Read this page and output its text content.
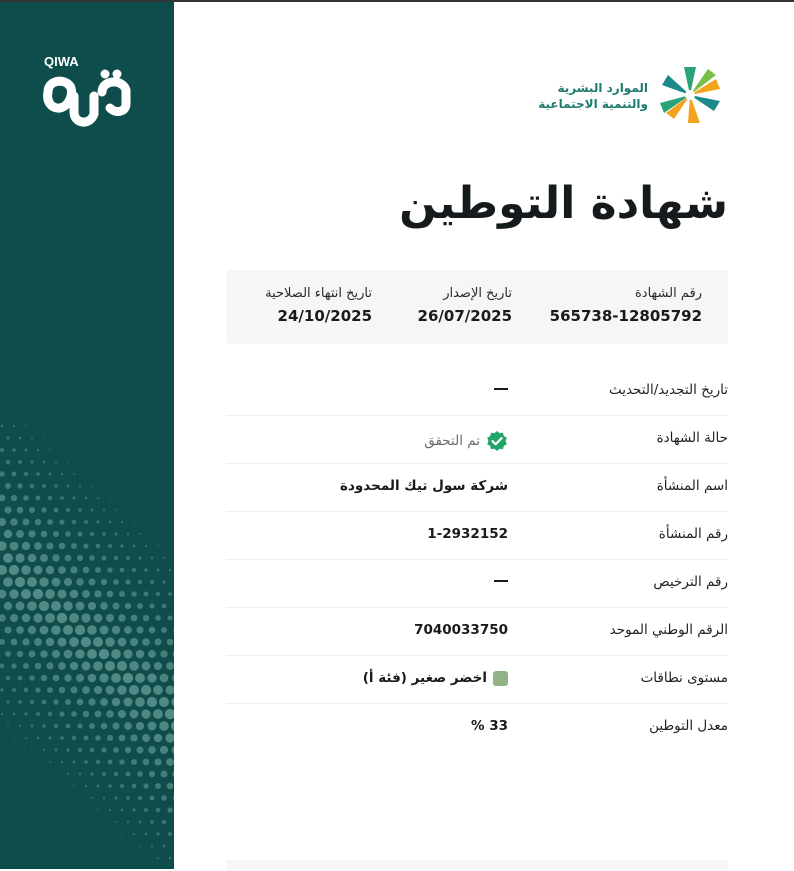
QIWA
الموارد البشرية
والتنمية الاجتماعية
شهادة التوطين
رقم الشهادة
565738-12805792
تاريخ الإصدار
26/07/2025
تاريخ انتهاء الصلاحية
24/10/2025
تاريخ التجديد/التحديث
حالة الشهادة
تم التحقق
اسم المنشأة
شركة سول تيك المحدودة
رقم المنشأة
1-2932152
رقم الترخيص
الرقم الوطني الموحد
7040033750
مستوى نطاقات
اخضر صغير (فئة أ)
معدل التوطين
33 %
